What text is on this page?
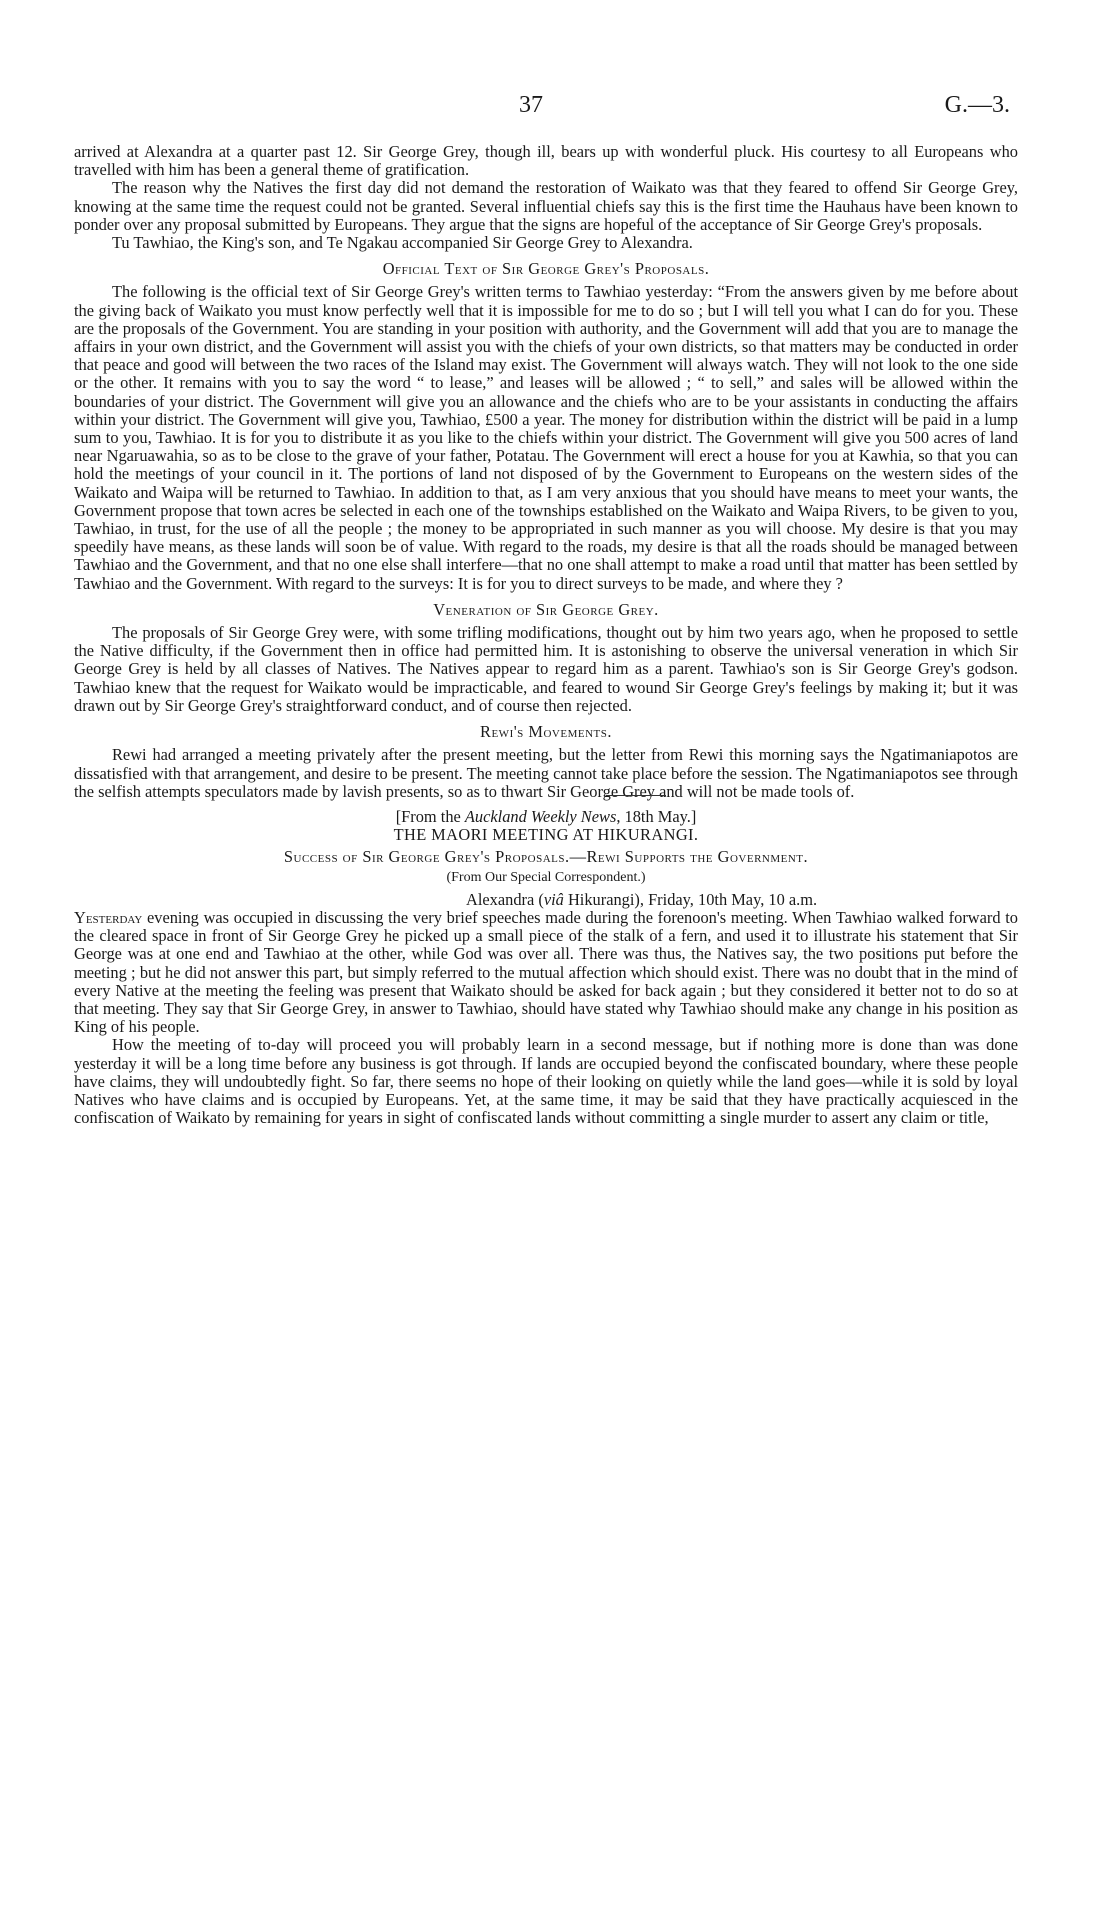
37	G.—3.

arrived at Alexandra at a quarter past 12. Sir George Grey, though ill, bears up with wonderful pluck. His courtesy to all Europeans who travelled with him has been a general theme of gratification.

The reason why the Natives the first day did not demand the restoration of Waikato was that they feared to offend Sir George Grey, knowing at the same time the request could not be granted. Several influential chiefs say this is the first time the Hauhaus have been known to ponder over any proposal submitted by Europeans. They argue that the signs are hopeful of the acceptance of Sir George Grey's proposals.

Tu Tawhiao, the King's son, and Te Ngakau accompanied Sir George Grey to Alexandra.

Official Text of Sir George Grey's Proposals.

The following is the official text of Sir George Grey's written terms to Tawhiao yesterday: “From the answers given by me before about the giving back of Waikato you must know perfectly well that it is impossible for me to do so ; but I will tell you what I can do for you. These are the proposals of the Government. You are standing in your position with authority, and the Government will add that you are to manage the affairs in your own district, and the Government will assist you with the chiefs of your own districts, so that matters may be conducted in order that peace and good will between the two races of the Island may exist. The Government will always watch. They will not look to the one side or the other. It remains with you to say the word “ to lease,” and leases will be allowed ; “ to sell,” and sales will be allowed within the boundaries of your district. The Government will give you an allowance and the chiefs who are to be your assistants in conducting the affairs within your district. The Government will give you, Tawhiao, £500 a year. The money for distribution within the district will be paid in a lump sum to you, Tawhiao. It is for you to distribute it as you like to the chiefs within your district. The Government will give you 500 acres of land near Ngaruawahia, so as to be close to the grave of your father, Potatau. The Government will erect a house for you at Kawhia, so that you can hold the meetings of your council in it. The portions of land not disposed of by the Government to Europeans on the western sides of the Waikato and Waipa will be returned to Tawhiao. In addition to that, as I am very anxious that you should have means to meet your wants, the Government propose that town acres be selected in each one of the townships established on the Waikato and Waipa Rivers, to be given to you, Tawhiao, in trust, for the use of all the people ; the money to be appropriated in such manner as you will choose. My desire is that you may speedily have means, as these lands will soon be of value. With regard to the roads, my desire is that all the roads should be managed between Tawhiao and the Government, and that no one else shall interfere—that no one shall attempt to make a road until that matter has been settled by Tawhiao and the Government. With regard to the surveys: It is for you to direct surveys to be made, and where they ?

Veneration of Sir George Grey.

The proposals of Sir George Grey were, with some trifling modifications, thought out by him two years ago, when he proposed to settle the Native difficulty, if the Government then in office had permitted him. It is astonishing to observe the universal veneration in which Sir George Grey is held by all classes of Natives. The Natives appear to regard him as a parent. Tawhiao's son is Sir George Grey's godson. Tawhiao knew that the request for Waikato would be impracticable, and feared to wound Sir George Grey's feelings by making it; but it was drawn out by Sir George Grey's straightforward conduct, and of course then rejected.

Rewi's Movements.

Rewi had arranged a meeting privately after the present meeting, but the letter from Rewi this morning says the Ngatimaniapotos are dissatisfied with that arrangement, and desire to be present. The meeting cannot take place before the session. The Ngatimaniapotos see through the selfish attempts speculators made by lavish presents, so as to thwart Sir George Grey and will not be made tools of.

[From the Auckland Weekly News, 18th May.]
THE MAORI MEETING AT HIKURANGI.
Success of Sir George Grey's Proposals.—Rewi Supports the Government.
(From Our Special Correspondent.)

Alexandra (viâ Hikurangi), Friday, 10th May, 10 a.m.

Yesterday evening was occupied in discussing the very brief speeches made during the forenoon's meeting. When Tawhiao walked forward to the cleared space in front of Sir George Grey he picked up a small piece of the stalk of a fern, and used it to illustrate his statement that Sir George was at one end and Tawhiao at the other, while God was over all. There was thus, the Natives say, the two positions put before the meeting ; but he did not answer this part, but simply referred to the mutual affection which should exist. There was no doubt that in the mind of every Native at the meeting the feeling was present that Waikato should be asked for back again ; but they considered it better not to do so at that meeting. They say that Sir George Grey, in answer to Tawhiao, should have stated why Tawhiao should make any change in his position as King of his people.

How the meeting of to-day will proceed you will probably learn in a second message, but if nothing more is done than was done yesterday it will be a long time before any business is got through. If lands are occupied beyond the confiscated boundary, where these people have claims, they will undoubtedly fight. So far, there seems no hope of their looking on quietly while the land goes—while it is sold by loyal Natives who have claims and is occupied by Europeans. Yet, at the same time, it may be said that they have practically acquiesced in the confiscation of Waikato by remaining for years in sight of confiscated lands without committing a single murder to assert any claim or title,
